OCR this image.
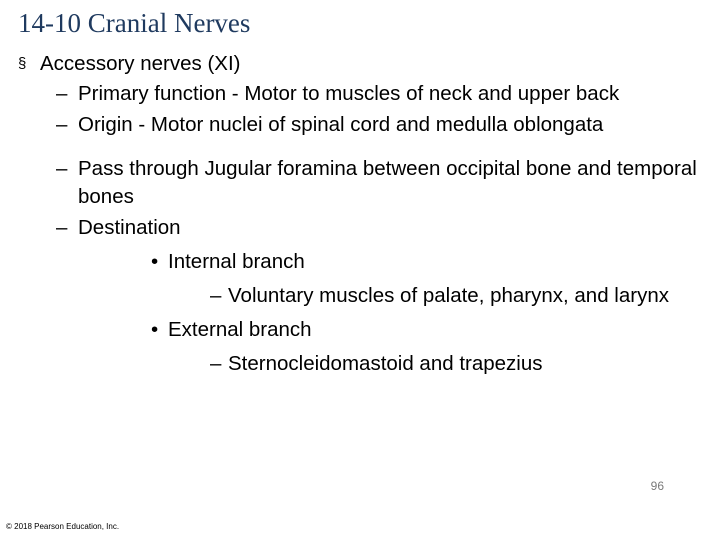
14-10 Cranial Nerves
§ Accessory nerves (XI)
– Primary function - Motor to muscles of neck and upper back
– Origin - Motor nuclei of spinal cord and medulla oblongata
– Pass through Jugular foramina between occipital bone and temporal bones
– Destination
• Internal branch
– Voluntary muscles of palate, pharynx, and larynx
• External branch
– Sternocleidomastoid and trapezius
96
© 2018 Pearson Education, Inc.
